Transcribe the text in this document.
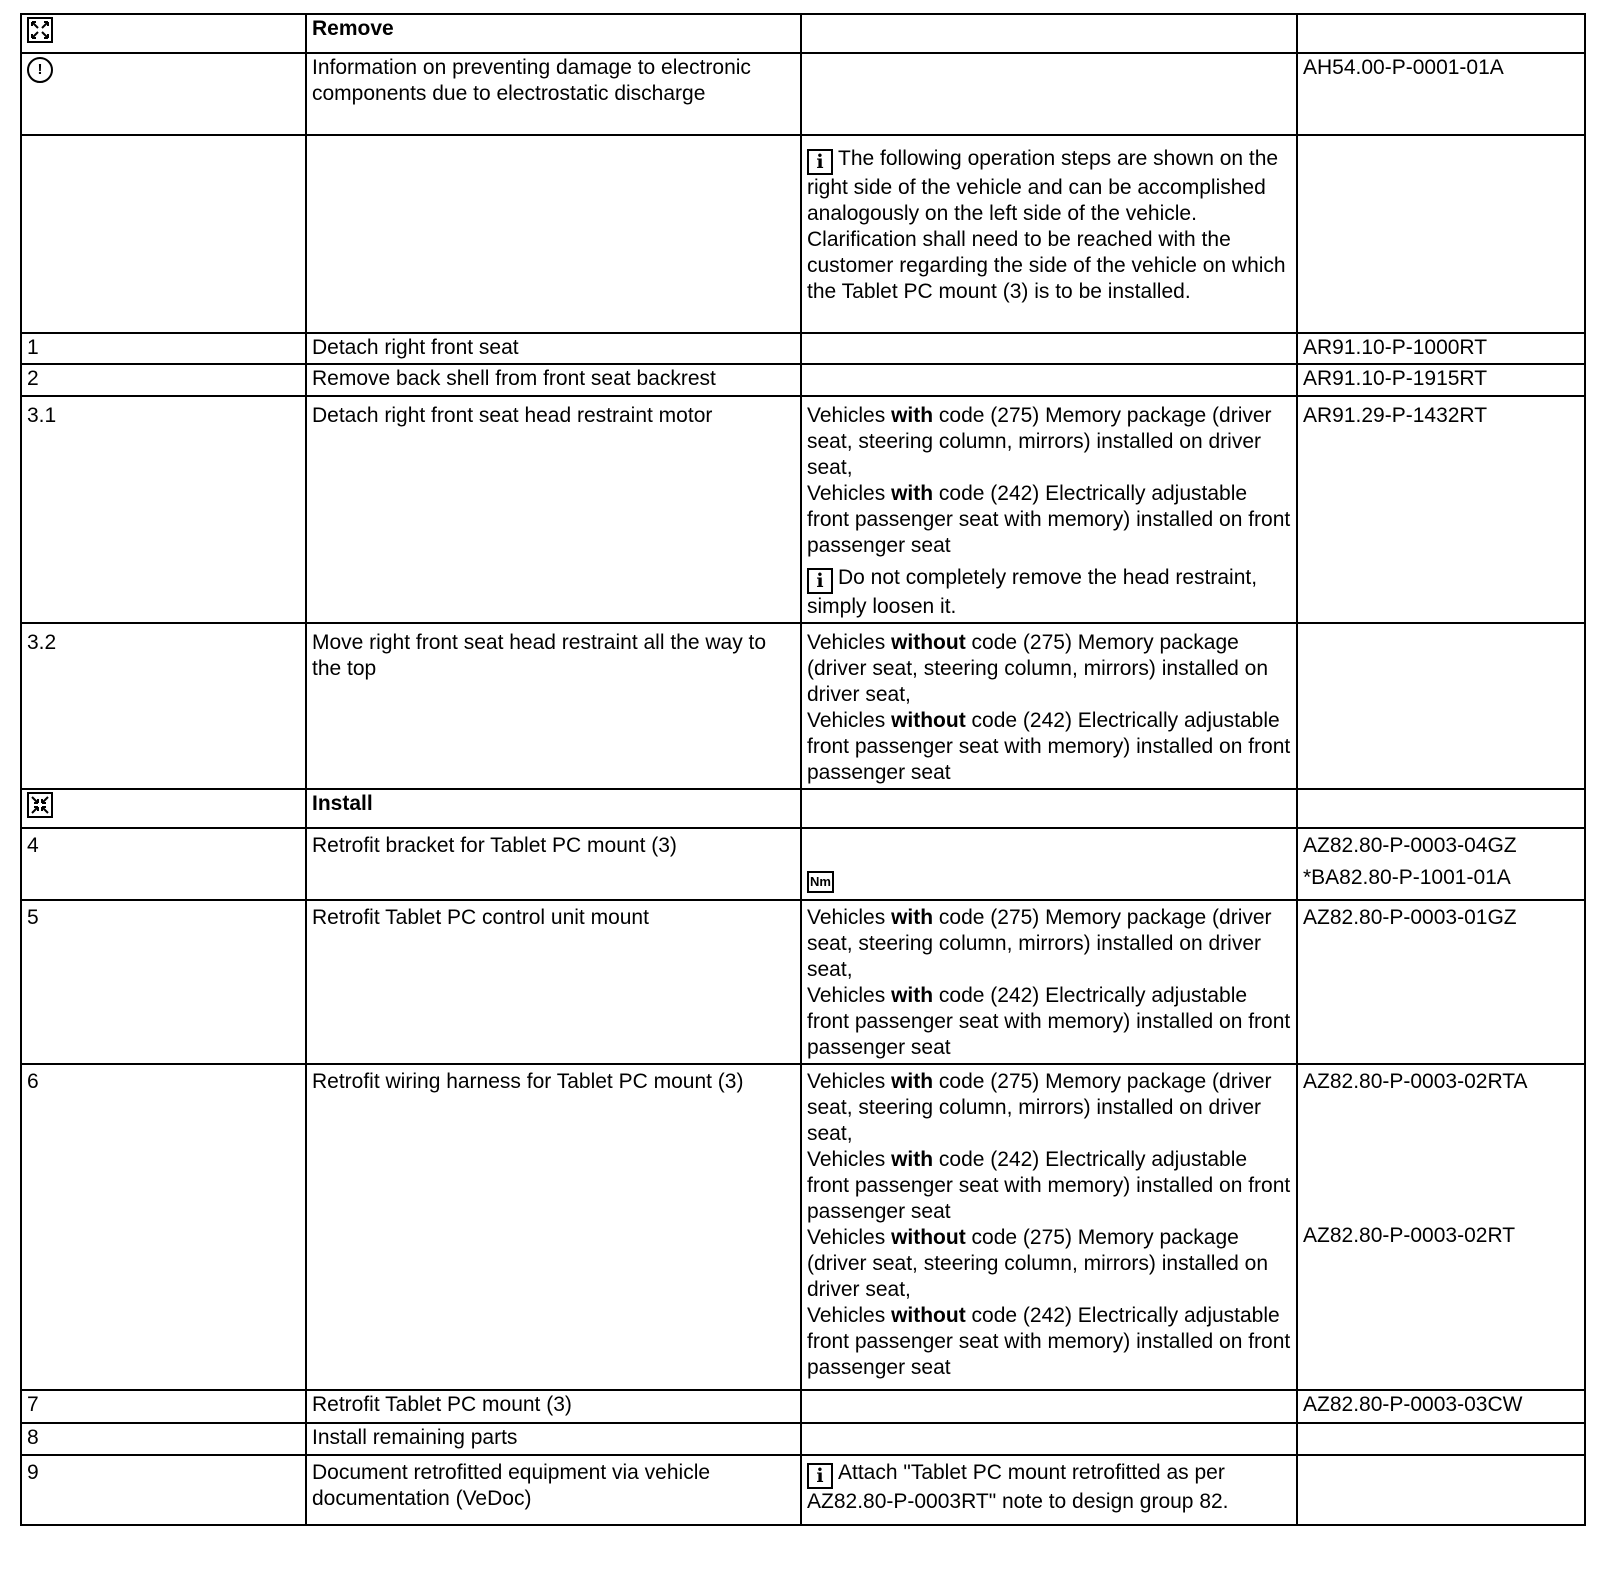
	Remove		
!	Information on preventing damage to electronic components due to electrostatic discharge		AH54.00-P-0001-01A
		i The following operation steps are shown on the right side of the vehicle and can be accomplished analogously on the left side of the vehicle. Clarification shall need to be reached with the customer regarding the side of the vehicle on which the Tablet PC mount (3) is to be installed.	
1	Detach right front seat		AR91.10-P-1000RT
2	Remove back shell from front seat backrest		AR91.10-P-1915RT
3.1	Detach right front seat head restraint motor	Vehicles with code (275) Memory package (driver seat, steering column, mirrors) installed on driver seat,
Vehicles with code (242) Electrically adjustable front passenger seat with memory) installed on front passenger seat
i Do not completely remove the head restraint, simply loosen it.	AR91.29-P-1432RT
3.2	Move right front seat head restraint all the way to the top	Vehicles without code (275) Memory package (driver seat, steering column, mirrors) installed on driver seat,
Vehicles without code (242) Electrically adjustable front passenger seat with memory) installed on front passenger seat	

	Install		
4	Retrofit bracket for Tablet PC mount (3)	Nm	AZ82.80-P-0003-04GZ
*BA82.80-P-1001-01A

5	Retrofit Tablet PC control unit mount	Vehicles with code (275) Memory package (driver seat, steering column, mirrors) installed on driver seat,
Vehicles with code (242) Electrically adjustable front passenger seat with memory) installed on front passenger seat	AZ82.80-P-0003-01GZ
6	Retrofit wiring harness for Tablet PC mount (3)	Vehicles with code (275) Memory package (driver seat, steering column, mirrors) installed on driver seat,
Vehicles with code (242) Electrically adjustable front passenger seat with memory) installed on front passenger seat
Vehicles without code (275) Memory package (driver seat, steering column, mirrors) installed on driver seat,
Vehicles without code (242) Electrically adjustable front passenger seat with memory) installed on front passenger seat	AZ82.80-P-0003-02RTA
AZ82.80-P-0003-02RT

7	Retrofit Tablet PC mount (3)		AZ82.80-P-0003-03CW
8	Install remaining parts		
9	Document retrofitted equipment via vehicle documentation (VeDoc)	i Attach "Tablet PC mount retrofitted as per AZ82.80-P-0003RT" note to design group 82.	
